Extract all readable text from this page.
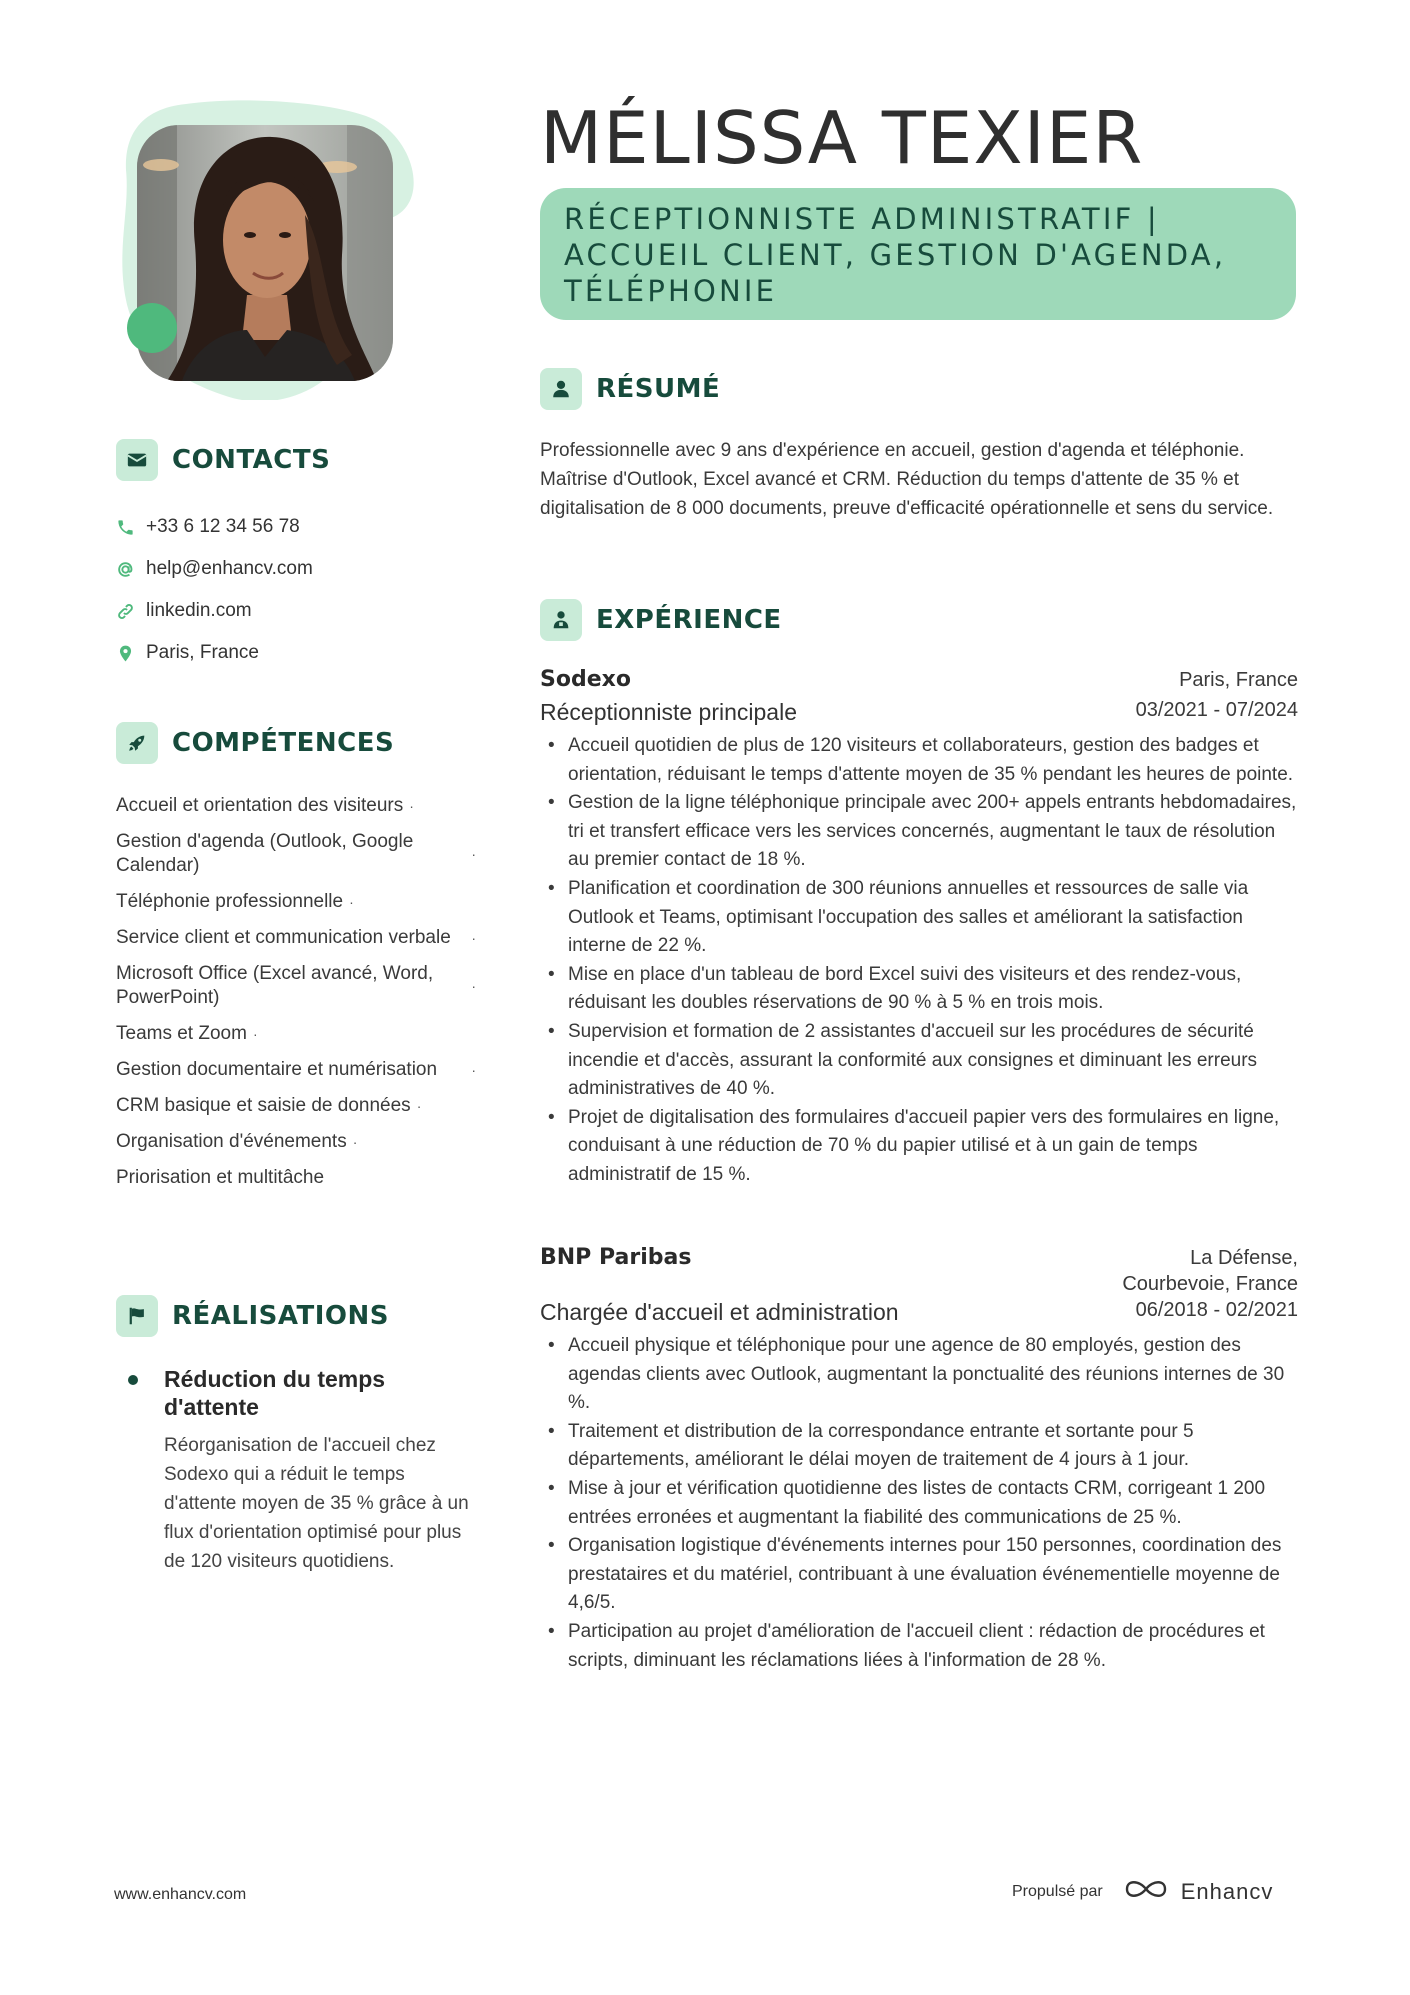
CONTACTS
+33 6 12 34 56 78
help@enhancv.com
linkedin.com
Paris, France
COMPÉTENCES
Accueil et orientation des visiteurs ·
Gestion d'agenda (Outlook, Google Calendar)
·
Téléphonie professionnelle ·
Service client et communication verbale	·
Microsoft Office (Excel avancé, Word, PowerPoint)
·
Teams et Zoom ·
Gestion documentaire et numérisation	·
CRM basique et saisie de données ·
Organisation d'événements ·
Priorisation et multitâche
RÉALISATIONS
Réduction du temps d'attente
Réorganisation de l'accueil chez Sodexo qui a réduit le temps d'attente moyen de 35 % grâce à un flux d'orientation optimisé pour plus de 120 visiteurs quotidiens.
MÉLISSA TEXIER
RÉCEPTIONNISTE ADMINISTRATIF | ACCUEIL CLIENT, GESTION D'AGENDA, TÉLÉPHONIE
RÉSUMÉ
Professionnelle avec 9 ans d'expérience en accueil, gestion d'agenda et téléphonie. Maîtrise d'Outlook, Excel avancé et CRM. Réduction du temps d'attente de 35 % et digitalisation de 8 000 documents, preuve d'efficacité opérationnelle et sens du service.
EXPÉRIENCE
Sodexo	Paris, France
Réceptionniste principale	03/2021 - 07/2024
• Accueil quotidien de plus de 120 visiteurs et collaborateurs, gestion des badges et orientation, réduisant le temps d'attente moyen de 35 % pendant les heures de pointe.
• Gestion de la ligne téléphonique principale avec 200+ appels entrants hebdomadaires, tri et transfert efficace vers les services concernés, augmentant le taux de résolution au premier contact de 18 %.
• Planification et coordination de 300 réunions annuelles et ressources de salle via Outlook et Teams, optimisant l'occupation des salles et améliorant la satisfaction interne de 22 %.
• Mise en place d'un tableau de bord Excel suivi des visiteurs et des rendez-vous, réduisant les doubles réservations de 90 % à 5 % en trois mois.
• Supervision et formation de 2 assistantes d'accueil sur les procédures de sécurité incendie et d'accès, assurant la conformité aux consignes et diminuant les erreurs administratives de 40 %.
• Projet de digitalisation des formulaires d'accueil papier vers des formulaires en ligne, conduisant à une réduction de 70 % du papier utilisé et à un gain de temps administratif de 15 %.
BNP Paribas	La Défense,
Courbevoie, France
Chargée d'accueil et administration	06/2018 - 02/2021
• Accueil physique et téléphonique pour une agence de 80 employés, gestion des agendas clients avec Outlook, augmentant la ponctualité des réunions internes de 30 %.
• Traitement et distribution de la correspondance entrante et sortante pour 5 départements, améliorant le délai moyen de traitement de 4 jours à 1 jour.
• Mise à jour et vérification quotidienne des listes de contacts CRM, corrigeant 1 200 entrées erronées et augmentant la fiabilité des communications de 25 %.
• Organisation logistique d'événements internes pour 150 personnes, coordination des prestataires et du matériel, contribuant à une évaluation événementielle moyenne de 4,6/5.
• Participation au projet d'amélioration de l'accueil client : rédaction de procédures et scripts, diminuant les réclamations liées à l'information de 28 %.
www.enhancv.com	Propulsé par	Enhancv
